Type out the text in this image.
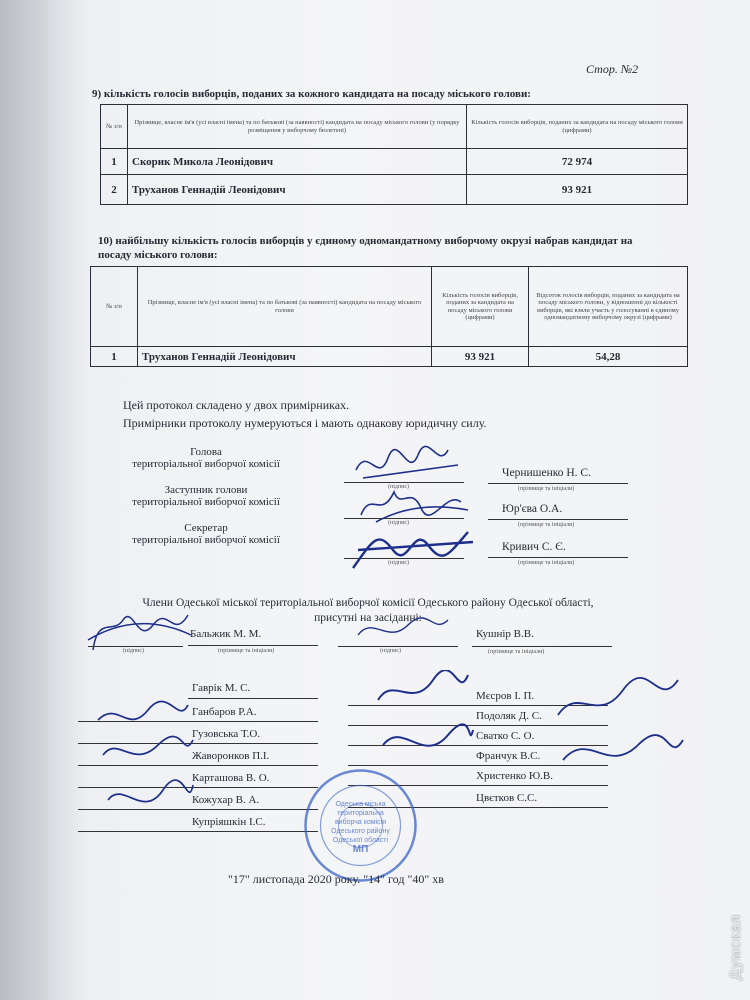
Стор. №2
9) кількість голосів виборців, поданих за кожного кандидата на посаду міського голови:
№ з/п	Прізвище, власне ім'я (усі власні імена) та по батькові (за наявності) кандидата на посаду міського голови (у порядку розміщення у виборчому бюлетені)	Кількість голосів виборців, поданих за кандидата на посаду міського голови (цифрами)
1	Скорик Микола Леонідович	72 974
2	Труханов Геннадій Леонідович	93 921
10) найбільшу кількість голосів виборців у єдиному одномандатному виборчому окрузі набрав кандидат на посаду міського голови:
№ з/п	Прізвище, власне ім'я (усі власні імена) та по батькові (за наявності) кандидата на посаду міського голови	Кількість голосів виборців, поданих за кандидата на посаду міського голови (цифрами)	Відсоток голосів виборців, поданих за кандидата на посаду міського голови, у відношенні до кількості виборців, які взяли участь у голосуванні в єдиному одномандатному виборчому окрузі (цифрами)
1	Труханов Геннадій Леонідович	93 921	54,28
Цей протокол складено у двох примірниках.
Примірники протоколу нумеруються і мають однакову юридичну силу.
Голова
територіальної виборчої комісії
(підпис)
Чернишенко Н. С.
(прізвище та ініціали)
Заступник голови
територіальної виборчої комісії
(підпис)
Юр'єва О.А.
(прізвище та ініціали)
Секретар
територіальної виборчої комісії
(підпис)
Кривич С. Є.
(прізвище та ініціали)
Члени Одеської міської територіальної виборчої комісії Одеського району Одеської області,
присутні на засіданні:
(підпис)
Бальжик М. М.
(прізвище та ініціали)	(підпис)
Кушнір В.В.
(прізвище та ініціали)
Гаврік М. С.
Ганбаров Р.А.
Гузовська Т.О.
Жаворонков П.І.
Карташова В. О.
Кожухар В. А.
Купріяшкін І.С.
Мєсров І. П.
Подоляк Д. С.
Сватко С. О.
Франчук В.С.
Христенко Ю.В.
Цвєтков С.С.
Одеська міська
територіальна
виборча комісія
Одеського району
Одеської області
МП
"17" листопада 2020 року. "14" год "40" хв
Думская
